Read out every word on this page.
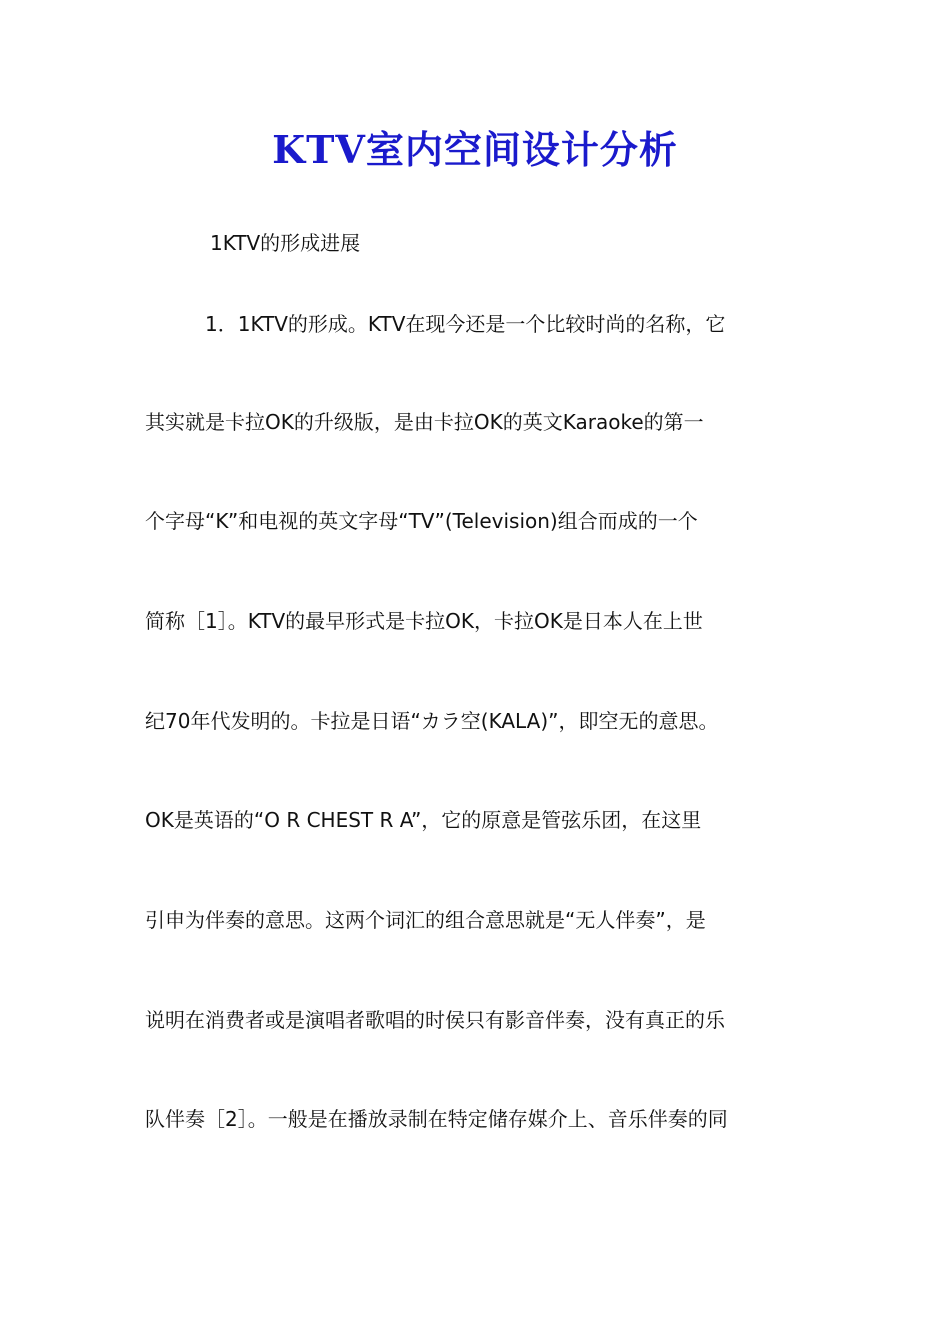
KTV室内空间设计分析

1KTV的形成进展

1．1KTV的形成。KTV在现今还是一个比较时尚的名称，它

其实就是卡拉OK的升级版，是由卡拉OK的英文Karaoke的第一

个字母“K”和电视的英文字母“TV”(Television)组合而成的一个

简称［1］。KTV的最早形式是卡拉OK，卡拉OK是日本人在上世

纪70年代发明的。卡拉是日语“カラ空(KALA)”，即空无的意思。

OK是英语的“O R CHEST R A”，它的原意是管弦乐团，在这里

引申为伴奏的意思。这两个词汇的组合意思就是“无人伴奏”，是

说明在消费者或是演唱者歌唱的时侯只有影音伴奏，没有真正的乐

队伴奏［2］。一般是在播放录制在特定储存媒介上、音乐伴奏的同
